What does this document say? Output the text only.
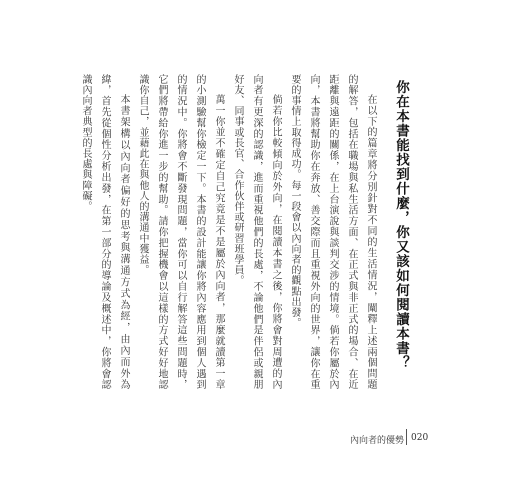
你在本書能找到什麼，你又該如何閱讀本書？

在以下的篇章將分別針對不同的生活情況，闡釋上述兩個問題的解答，包括在職場與私生活方面、在正式與非正式的場合、在近距離與遠距的關係，在上台演說與談判交涉的情境。倘若你屬於內向，本書將幫助你在奔放、善交際而且重視外向的世界，讓你在重要的事情上取得成功。每一段會以內向者的觀點出發。

倘若你比較傾向於外向，在閱讀本書之後，你將會對周遭的內向者有更深的認識，進而重視他們的長處，不論他們是伴侶或親朋好友、同事或長官、合作伙伴或研習班學員。

萬一你並不確定自己究竟是不是屬於內向者，那麼就讀第一章的小測驗幫你檢定一下。本書的設計能讓你將內容應用到個人遇到的情況中。你將會不斷發現問題，當你可以自行解答這些問題時，它們將帶給你進一步的幫助。請你把握機會以這樣的方式好好地認識你自己，並藉此在與他人的溝通中獲益。

本書架構以內向者偏好的思考與溝通方式為經，由內而外為緯，首先從個性分析出發，在第一部分的導論及概述中，你將會認識內向者典型的長處與障礙。

內向者的優勢 020
